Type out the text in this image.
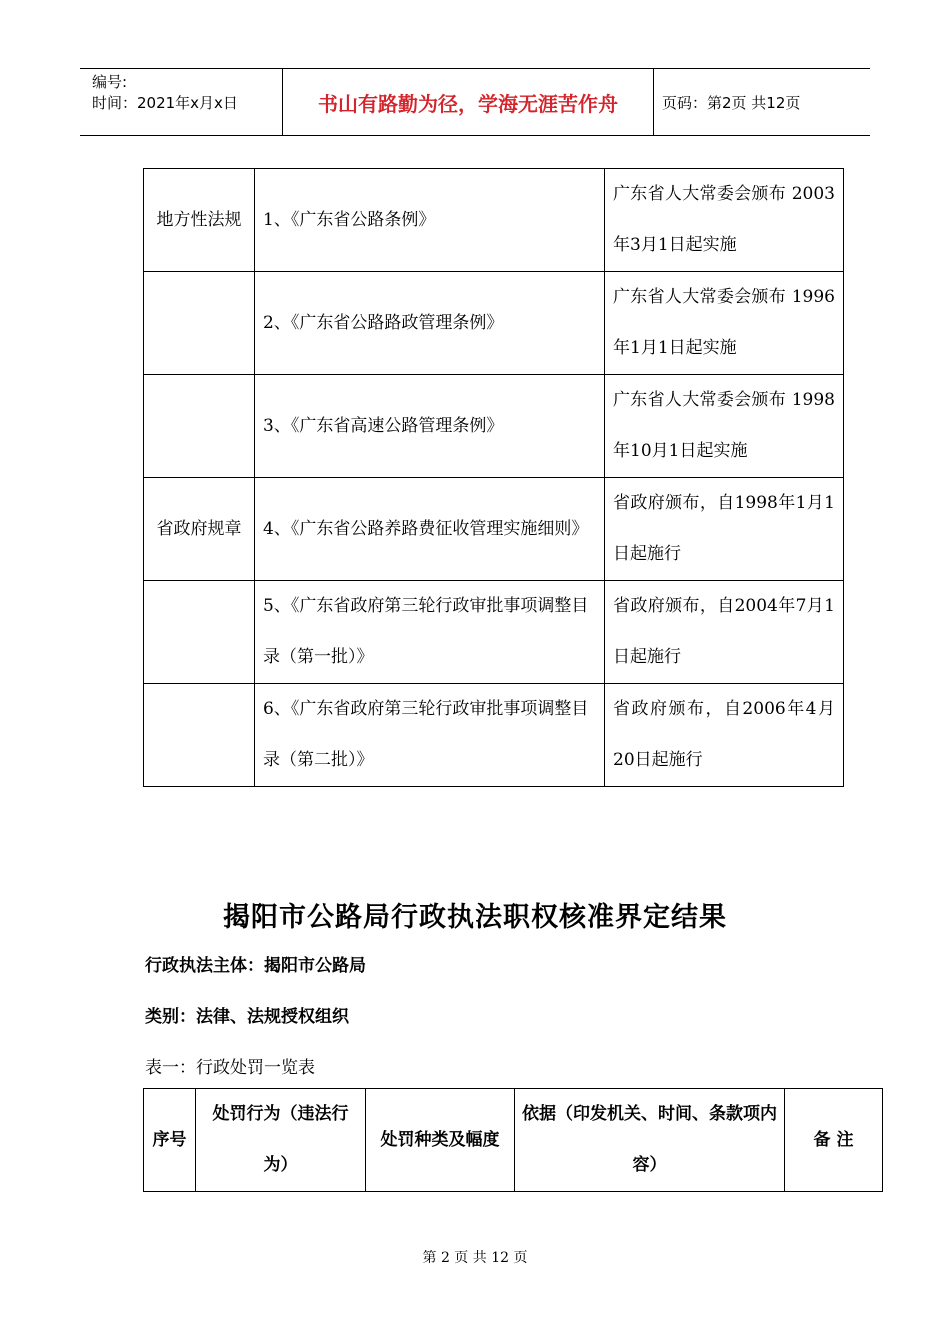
编号:
时间：2021年x月x日	书山有路勤为径，学海无涯苦作舟	页码：第2页 共12页
地方性法规	1、《广东省公路条例》	广东省人大常委会颁布 2003年3月1日起实施
	2、《广东省公路路政管理条例》	广东省人大常委会颁布 1996年1月1日起实施
	3、《广东省高速公路管理条例》	广东省人大常委会颁布 1998年10月1日起实施
省政府规章	4、《广东省公路养路费征收管理实施细则》	省政府颁布，自1998年1月1日起施行
	5、《广东省政府第三轮行政审批事项调整目录（第一批）》	省政府颁布，自2004年7月1日起施行
	6、《广东省政府第三轮行政审批事项调整目录（第二批）》	省政府颁布，自2006年4月20日起施行
揭阳市公路局行政执法职权核准界定结果
行政执法主体：揭阳市公路局
类别：法律、法规授权组织
表一：行政处罚一览表
序号	处罚行为（违法行为）	处罚种类及幅度	依据（印发机关、时间、条款项内容）	备 注
第 2 页 共 12 页
